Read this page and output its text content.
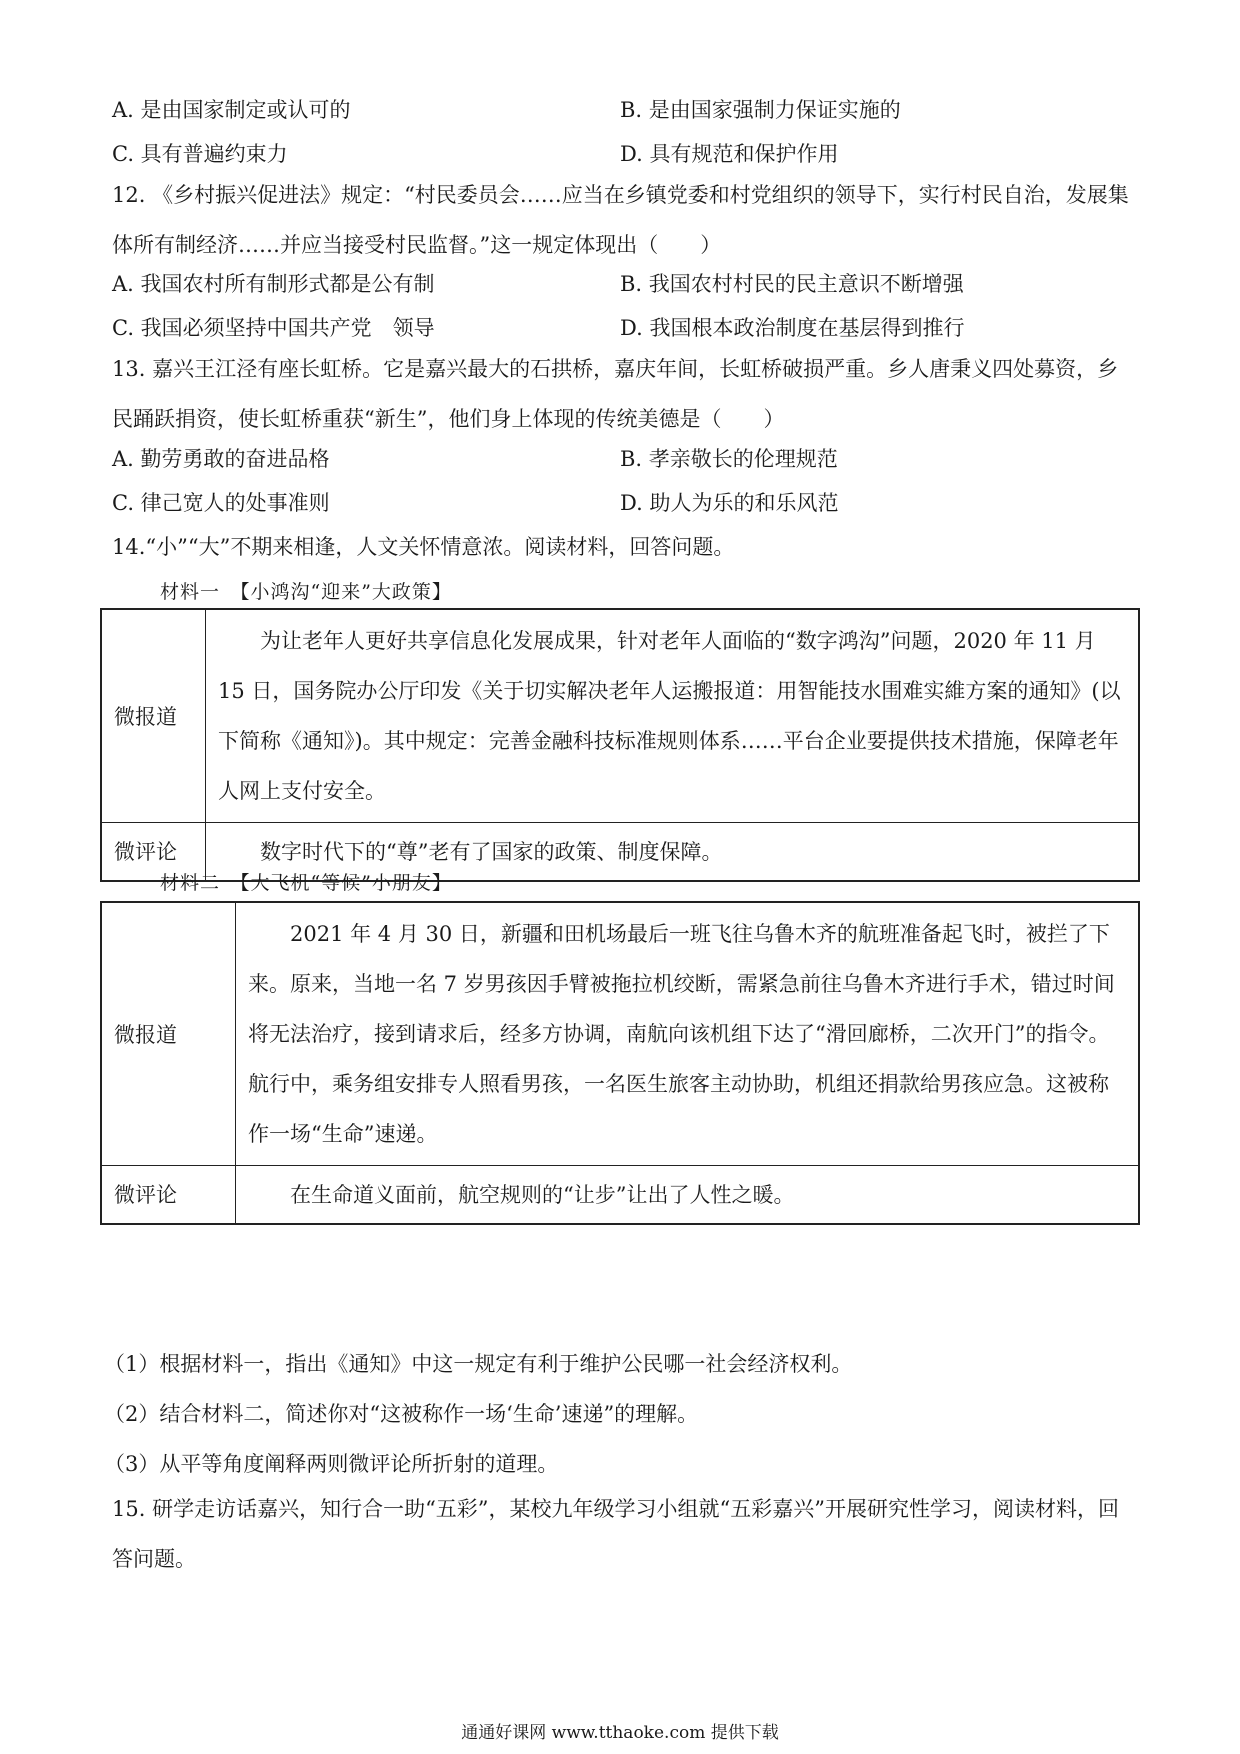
A. 是由国家制定或认可的	B. 是由国家强制力保证实施的
C. 具有普遍约束力	D. 具有规范和保护作用
12. 《乡村振兴促进法》规定：“村民委员会……应当在乡镇党委和村党组织的领导下，实行村民自治，发展集体所有制经济……并应当接受村民监督。”这一规定体现出（　　）
A. 我国农村所有制形式都是公有制	B. 我国农村村民的民主意识不断增强
C. 我国必须坚持中国共产党　领导	D. 我国根本政治制度在基层得到推行
13. 嘉兴王江泾有座长虹桥。它是嘉兴最大的石拱桥，嘉庆年间，长虹桥破损严重。乡人唐秉义四处募资，乡民踊跃捐资，使长虹桥重获“新生”，他们身上体现的传统美德是（　　）
A. 勤劳勇敢的奋进品格	B. 孝亲敬长的伦理规范
C. 律己宽人的处事准则	D. 助人为乐的和乐风范
14.“小”“大”不期来相逢，人文关怀情意浓。阅读材料，回答问题。
材料一　【小鸿沟“迎来”大政策】
微报道	为让老年人更好共享信息化发展成果，针对老年人面临的“数字鸿沟”问题，2020 年 11 月 15 日，国务院办公厅印发《关于切实解决老年人运搬报道：用智能技水围难实維方案的通知》(以下简称《通知》)。其中规定：完善金融科技标准规则体系……平台企业要提供技术措施，保障老年人网上支付安全。
微评论	数字时代下的“尊”老有了国家的政策、制度保障。
材料二　【大飞机“等候”小朋友】
微报道	2021 年 4 月 30 日，新疆和田机场最后一班飞往乌鲁木齐的航班准备起飞时，被拦了下来。原来，当地一名 7 岁男孩因手臂被拖拉机绞断，需紧急前往乌鲁木齐进行手术，错过时间将无法治疗，接到请求后，经多方协调，南航向该机组下达了“滑回廊桥，二次开门”的指令。航行中，乘务组安排专人照看男孩，一名医生旅客主动协助，机组还捐款给男孩应急。这被称作一场“生命”速递。
微评论	在生命道义面前，航空规则的“让步”让出了人性之暖。
（1）根据材料一，指出《通知》中这一规定有利于维护公民哪一社会经济权利。
（2）结合材料二，简述你对“这被称作一场‘生命’速递”的理解。
（3）从平等角度阐释两则微评论所折射的道理。
15. 研学走访话嘉兴，知行合一助“五彩”，某校九年级学习小组就“五彩嘉兴”开展研究性学习，阅读材料，回答问题。
通通好课网 www.tthaoke.com 提供下载
